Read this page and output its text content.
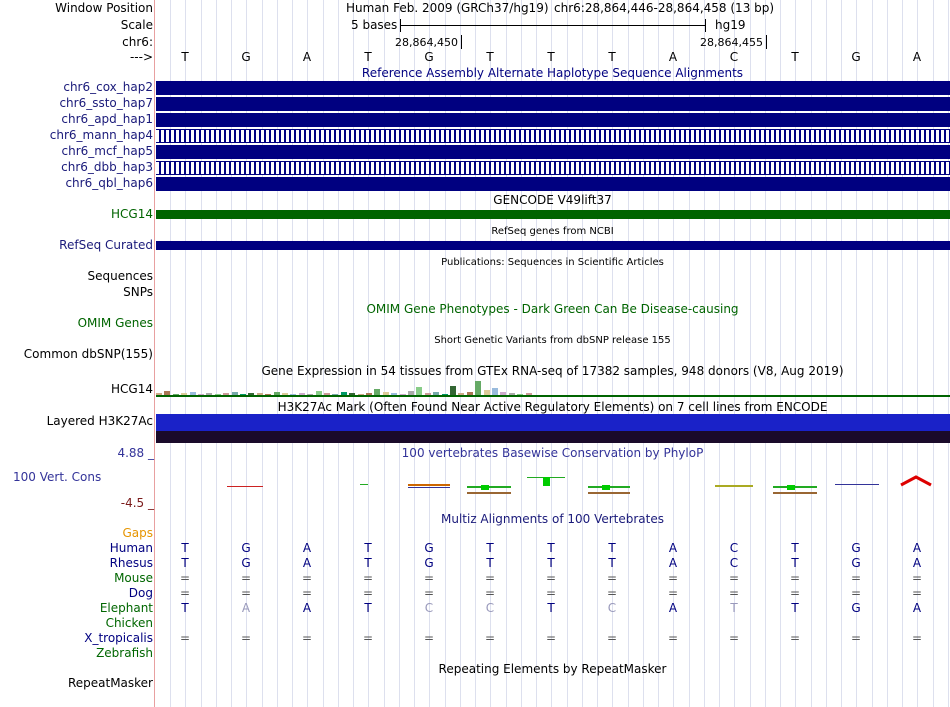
Window Position	Human Feb. 2009 (GRCh37/hg19) chr6:28,864,446-28,864,458 (13 bp)
Scale	5 bases	hg19
chr6:	28,864,450	28,864,455
--->	T	G	A	T	G	T	T	T	A	C	T	G	A
Reference Assembly Alternate Haplotype Sequence Alignments
chr6_cox_hap2
chr6_ssto_hap7
chr6_apd_hap1
chr6_mann_hap4
chr6_mcf_hap5
chr6_dbb_hap3
chr6_qbl_hap6
GENCODE V49lift37
HCG14
RefSeq genes from NCBI
RefSeq Curated
Publications: Sequences in Scientific Articles
Sequences
SNPs
OMIM Gene Phenotypes - Dark Green Can Be Disease-causing
OMIM Genes
Short Genetic Variants from dbSNP release 155
Common dbSNP(155)
Gene Expression in 54 tissues from GTEx RNA-seq of 17382 samples, 948 donors (V8, Aug 2019)
HCG14
H3K27Ac Mark (Often Found Near Active Regulatory Elements) on 7 cell lines from ENCODE
Layered H3K27Ac
4.88 _	100 vertebrates Basewise Conservation by PhyloP
100 Vert. Cons
-4.5 _
Multiz Alignments of 100 Vertebrates
Gaps
Human	T	G	A	T	G	T	T	T	A	C	T	G	A
Rhesus	T	G	A	T	G	T	T	T	A	C	T	G	A
Mouse	=	=	=	=	=	=	=	=	=	=	=	=	=
Dog	=	=	=	=	=	=	=	=	=	=	=	=	=
Elephant	T	A	A	T	C	C	T	C	A	T	T	G	A
Chicken
X_tropicalis	=	=	=	=	=	=	=	=	=	=	=	=	=
Zebrafish
Repeating Elements by RepeatMasker
RepeatMasker
